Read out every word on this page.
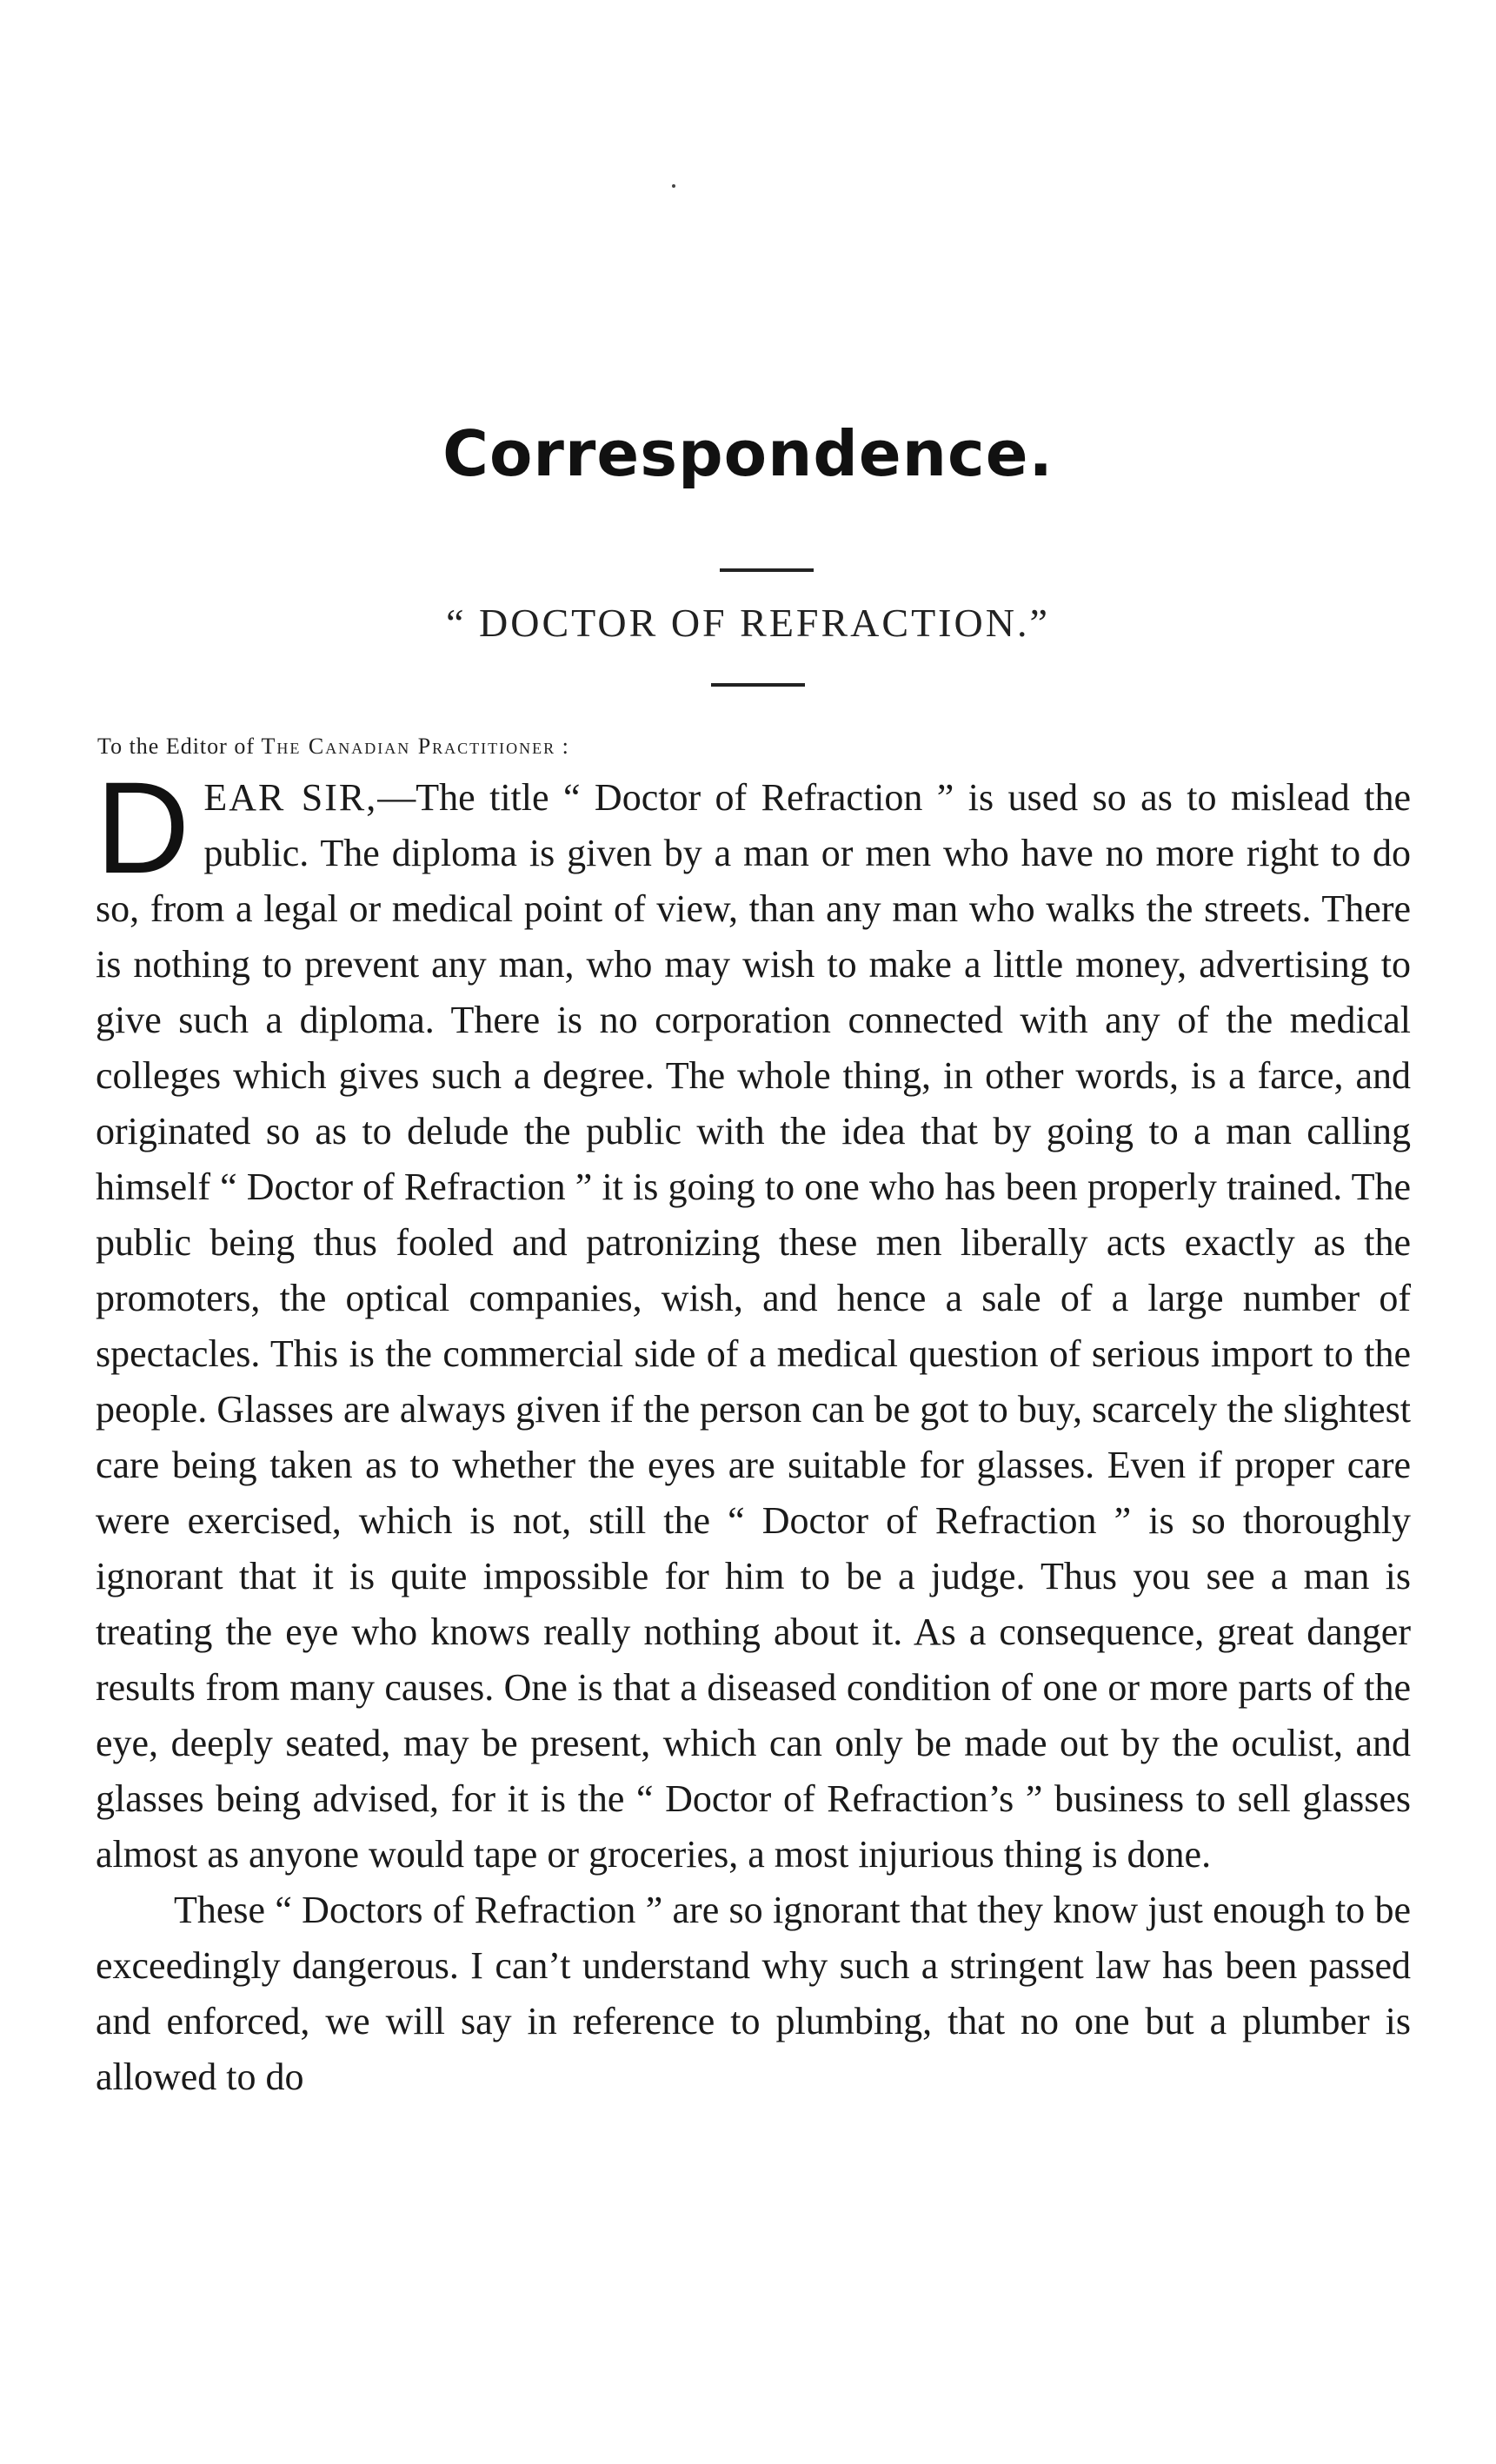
Correspondence.
“ DOCTOR OF REFRACTION.”
To the Editor of The Canadian Practitioner :

DEAR SIR,—The title “ Doctor of Refraction ” is used so as to mislead the public. The diploma is given by a man or men who have no more right to do so, from a legal or medical point of view, than any man who walks the streets. There is nothing to prevent any man, who may wish to make a little money, advertising to give such a diploma. There is no corporation connected with any of the medical colleges which gives such a degree. The whole thing, in other words, is a farce, and originated so as to delude the public with the idea that by going to a man calling himself “ Doctor of Refraction ” it is going to one who has been properly trained. The public being thus fooled and patronizing these men liberally acts exactly as the promoters, the optical companies, wish, and hence a sale of a large number of spectacles. This is the commercial side of a medical question of serious import to the people. Glasses are always given if the person can be got to buy, scarcely the slightest care being taken as to whether the eyes are suitable for glasses. Even if proper care were exercised, which is not, still the “ Doctor of Refraction ” is so thoroughly ignorant that it is quite impossible for him to be a judge. Thus you see a man is treating the eye who knows really nothing about it. As a consequence, great danger results from many causes. One is that a diseased condition of one or more parts of the eye, deeply seated, may be present, which can only be made out by the oculist, and glasses being advised, for it is the “ Doctor of Refraction’s ” business to sell glasses almost as anyone would tape or groceries, a most injurious thing is done.

These “ Doctors of Refraction ” are so ignorant that they know just enough to be exceedingly dangerous. I can’t understand why such a stringent law has been passed and enforced, we will say in reference to plumbing, that no one but a plumber is allowed to do
